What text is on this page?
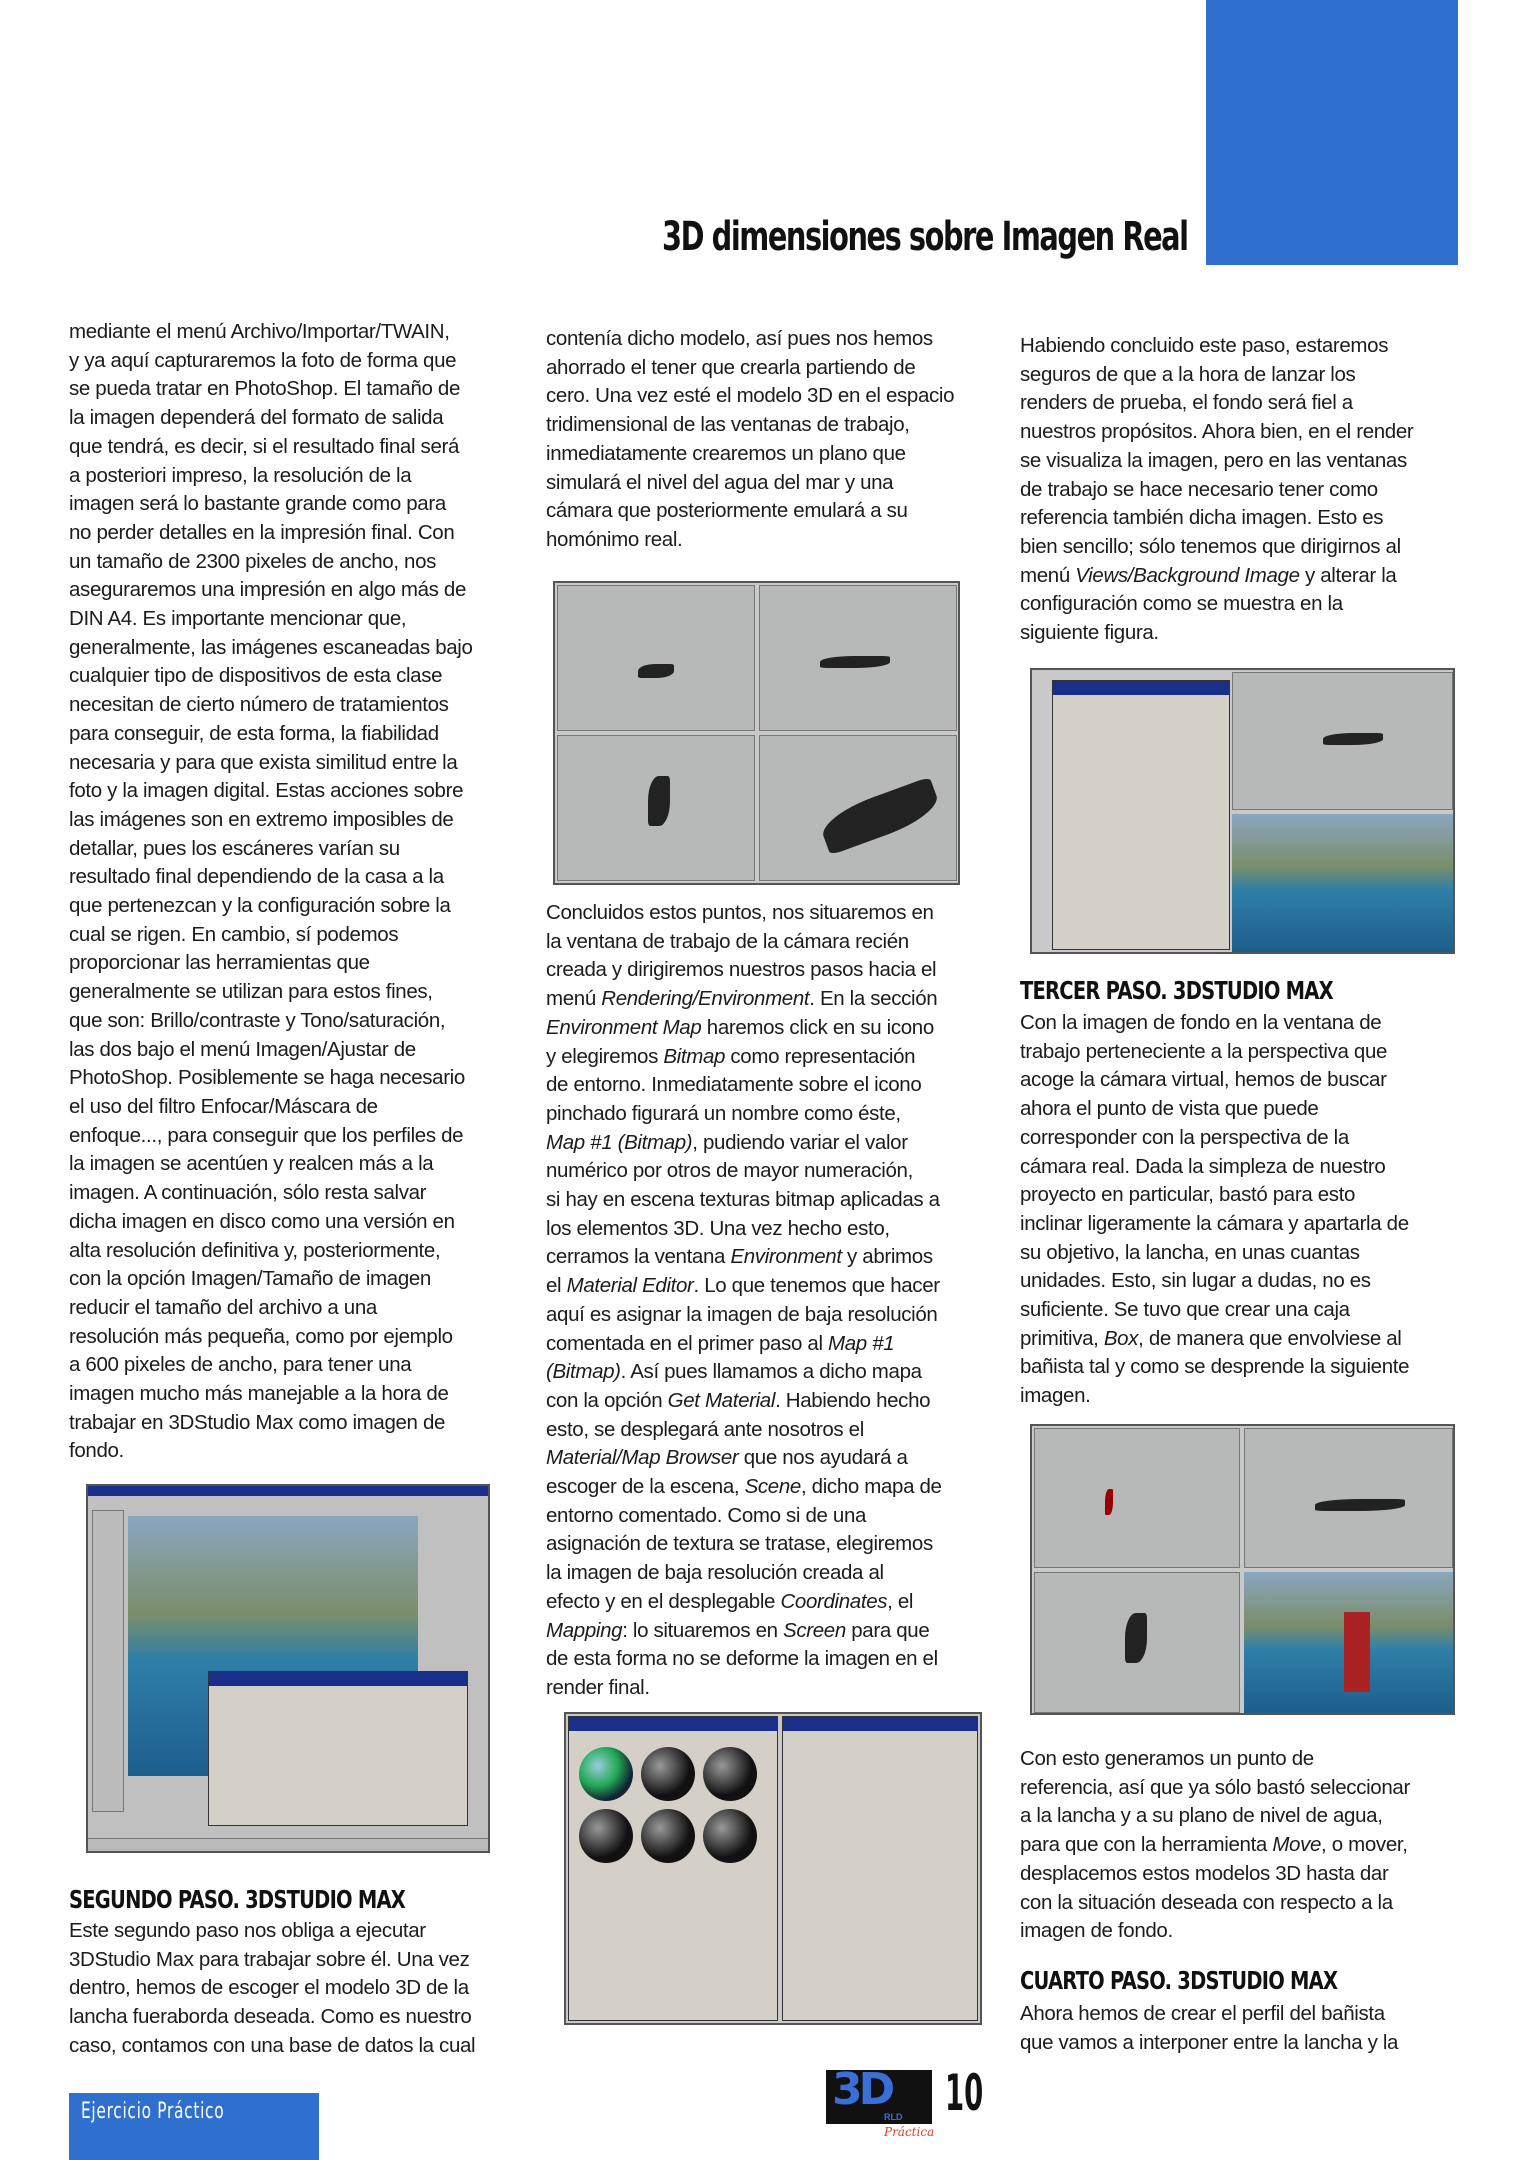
3D dimensiones sobre Imagen Real
mediante el menú Archivo/Importar/TWAIN,
y ya aquí capturaremos la foto de forma que
se pueda tratar en PhotoShop. El tamaño de
la imagen dependerá del formato de salida
que tendrá, es decir, si el resultado final será
a posteriori impreso, la resolución de la
imagen será lo bastante grande como para
no perder detalles en la impresión final. Con
un tamaño de 2300 pixeles de ancho, nos
aseguraremos una impresión en algo más de
DIN A4. Es importante mencionar que,
generalmente, las imágenes escaneadas bajo
cualquier tipo de dispositivos de esta clase
necesitan de cierto número de tratamientos
para conseguir, de esta forma, la fiabilidad
necesaria y para que exista similitud entre la
foto y la imagen digital. Estas acciones sobre
las imágenes son en extremo imposibles de
detallar, pues los escáneres varían su
resultado final dependiendo de la casa a la
que pertenezcan y la configuración sobre la
cual se rigen. En cambio, sí podemos
proporcionar las herramientas que
generalmente se utilizan para estos fines,
que son: Brillo/contraste y Tono/saturación,
las dos bajo el menú Imagen/Ajustar de
PhotoShop. Posiblemente se haga necesario
el uso del filtro Enfocar/Máscara de
enfoque..., para conseguir que los perfiles de
la imagen se acentúen y realcen más a la
imagen. A continuación, sólo resta salvar
dicha imagen en disco como una versión en
alta resolución definitiva y, posteriormente,
con la opción Imagen/Tamaño de imagen
reducir el tamaño del archivo a una
resolución más pequeña, como por ejemplo
a 600 pixeles de ancho, para tener una
imagen mucho más manejable a la hora de
trabajar en 3DStudio Max como imagen de
fondo.
SEGUNDO PASO. 3DSTUDIO MAX
Este segundo paso nos obliga a ejecutar
3DStudio Max para trabajar sobre él. Una vez
dentro, hemos de escoger el modelo 3D de la
lancha fueraborda deseada. Como es nuestro
caso, contamos con una base de datos la cual
contenía dicho modelo, así pues nos hemos
ahorrado el tener que crearla partiendo de
cero. Una vez esté el modelo 3D en el espacio
tridimensional de las ventanas de trabajo,
inmediatamente crearemos un plano que
simulará el nivel del agua del mar y una
cámara que posteriormente emulará a su
homónimo real.
Concluidos estos puntos, nos situaremos en
la ventana de trabajo de la cámara recién
creada y dirigiremos nuestros pasos hacia el
menú Rendering/Environment. En la sección
Environment Map haremos click en su icono
y elegiremos Bitmap como representación
de entorno. Inmediatamente sobre el icono
pinchado figurará un nombre como éste,
Map #1 (Bitmap), pudiendo variar el valor
numérico por otros de mayor numeración,
si hay en escena texturas bitmap aplicadas a
los elementos 3D. Una vez hecho esto,
cerramos la ventana Environment y abrimos
el Material Editor. Lo que tenemos que hacer
aquí es asignar la imagen de baja resolución
comentada en el primer paso al Map #1
(Bitmap). Así pues llamamos a dicho mapa
con la opción Get Material. Habiendo hecho
esto, se desplegará ante nosotros el
Material/Map Browser que nos ayudará a
escoger de la escena, Scene, dicho mapa de
entorno comentado. Como si de una
asignación de textura se tratase, elegiremos
la imagen de baja resolución creada al
efecto y en el desplegable Coordinates, el
Mapping: lo situaremos en Screen para que
de esta forma no se deforme la imagen en el
render final.
Habiendo concluido este paso, estaremos
seguros de que a la hora de lanzar los
renders de prueba, el fondo será fiel a
nuestros propósitos. Ahora bien, en el render
se visualiza la imagen, pero en las ventanas
de trabajo se hace necesario tener como
referencia también dicha imagen. Esto es
bien sencillo; sólo tenemos que dirigirnos al
menú Views/Background Image y alterar la
configuración como se muestra en la
siguiente figura.
TERCER PASO. 3DSTUDIO MAX
Con la imagen de fondo en la ventana de
trabajo perteneciente a la perspectiva que
acoge la cámara virtual, hemos de buscar
ahora el punto de vista que puede
corresponder con la perspectiva de la
cámara real. Dada la simpleza de nuestro
proyecto en particular, bastó para esto
inclinar ligeramente la cámara y apartarla de
su objetivo, la lancha, en unas cuantas
unidades. Esto, sin lugar a dudas, no es
suficiente. Se tuvo que crear una caja
primitiva, Box, de manera que envolviese al
bañista tal y como se desprende la siguiente
imagen.
Con esto generamos un punto de
referencia, así que ya sólo bastó seleccionar
a la lancha y a su plano de nivel de agua,
para que con la herramienta Move, o mover,
desplacemos estos modelos 3D hasta dar
con la situación deseada con respecto a la
imagen de fondo.
CUARTO PASO. 3DSTUDIO MAX
Ahora hemos de crear el perfil del bañista
que vamos a interponer entre la lancha y la
Ejercicio Práctico	3D
RLD
Práctica
10
